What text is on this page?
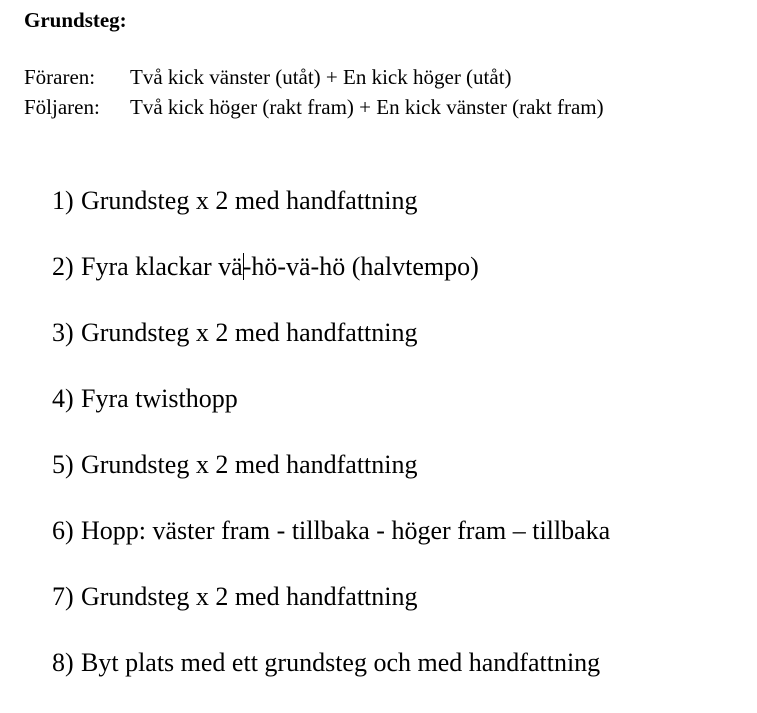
Grundsteg:
Föraren: Två kick vänster (utåt) + En kick höger (utåt)
Följaren: Två kick höger (rakt fram) + En kick vänster (rakt fram)
1) Grundsteg x 2 med handfattning
2) Fyra klackar vä-hö-vä-hö (halvtempo)
3) Grundsteg x 2 med handfattning
4) Fyra twisthopp
5) Grundsteg x 2 med handfattning
6) Hopp: väster fram - tillbaka - höger fram – tillbaka
7) Grundsteg x 2 med handfattning
8) Byt plats med ett grundsteg och med handfattning
